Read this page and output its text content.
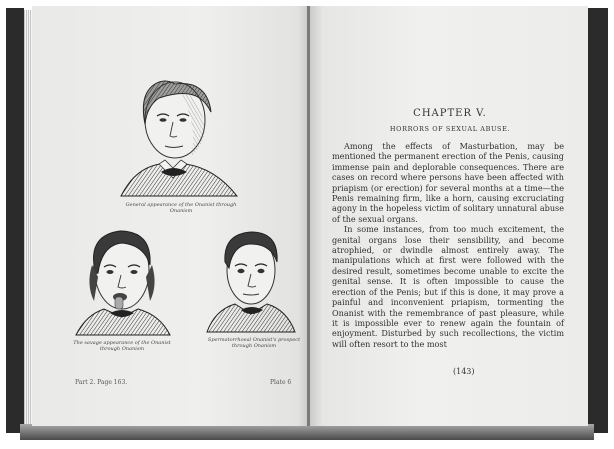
General appearance of the Onanist through Onanism
The savage appearance of the Onanist through Onanism
Spermatorrhoeal Onanist's prospect through Onanism
Part 2. Page 163.	Plate 6
CHAPTER V.
HORRORS OF SEXUAL ABUSE.

Among the effects of Masturbation, may be mentioned the permanent erection of the Penis, causing immense pain and deplorable consequences. There are cases on record where persons have been affected with priapism (or erection) for several months at a time—the Penis remaining firm, like a horn, causing excruciating agony in the hopeless victim of solitary unnatural abuse of the sexual organs.

In some instances, from too much excitement, the genital organs lose their sensibility, and become atrophied, or dwindle almost entirely away. The manipulations which at first were followed with the desired result, sometimes become unable to excite the genital sense. It is often impossible to cause the erection of the Penis; but if this is done, it may prove a painful and inconvenient priapism, tormenting the Onanist with the remembrance of past pleasure, while it is impossible ever to renew again the fountain of enjoyment. Disturbed by such recollections, the victim will often resort to the most

(143)
